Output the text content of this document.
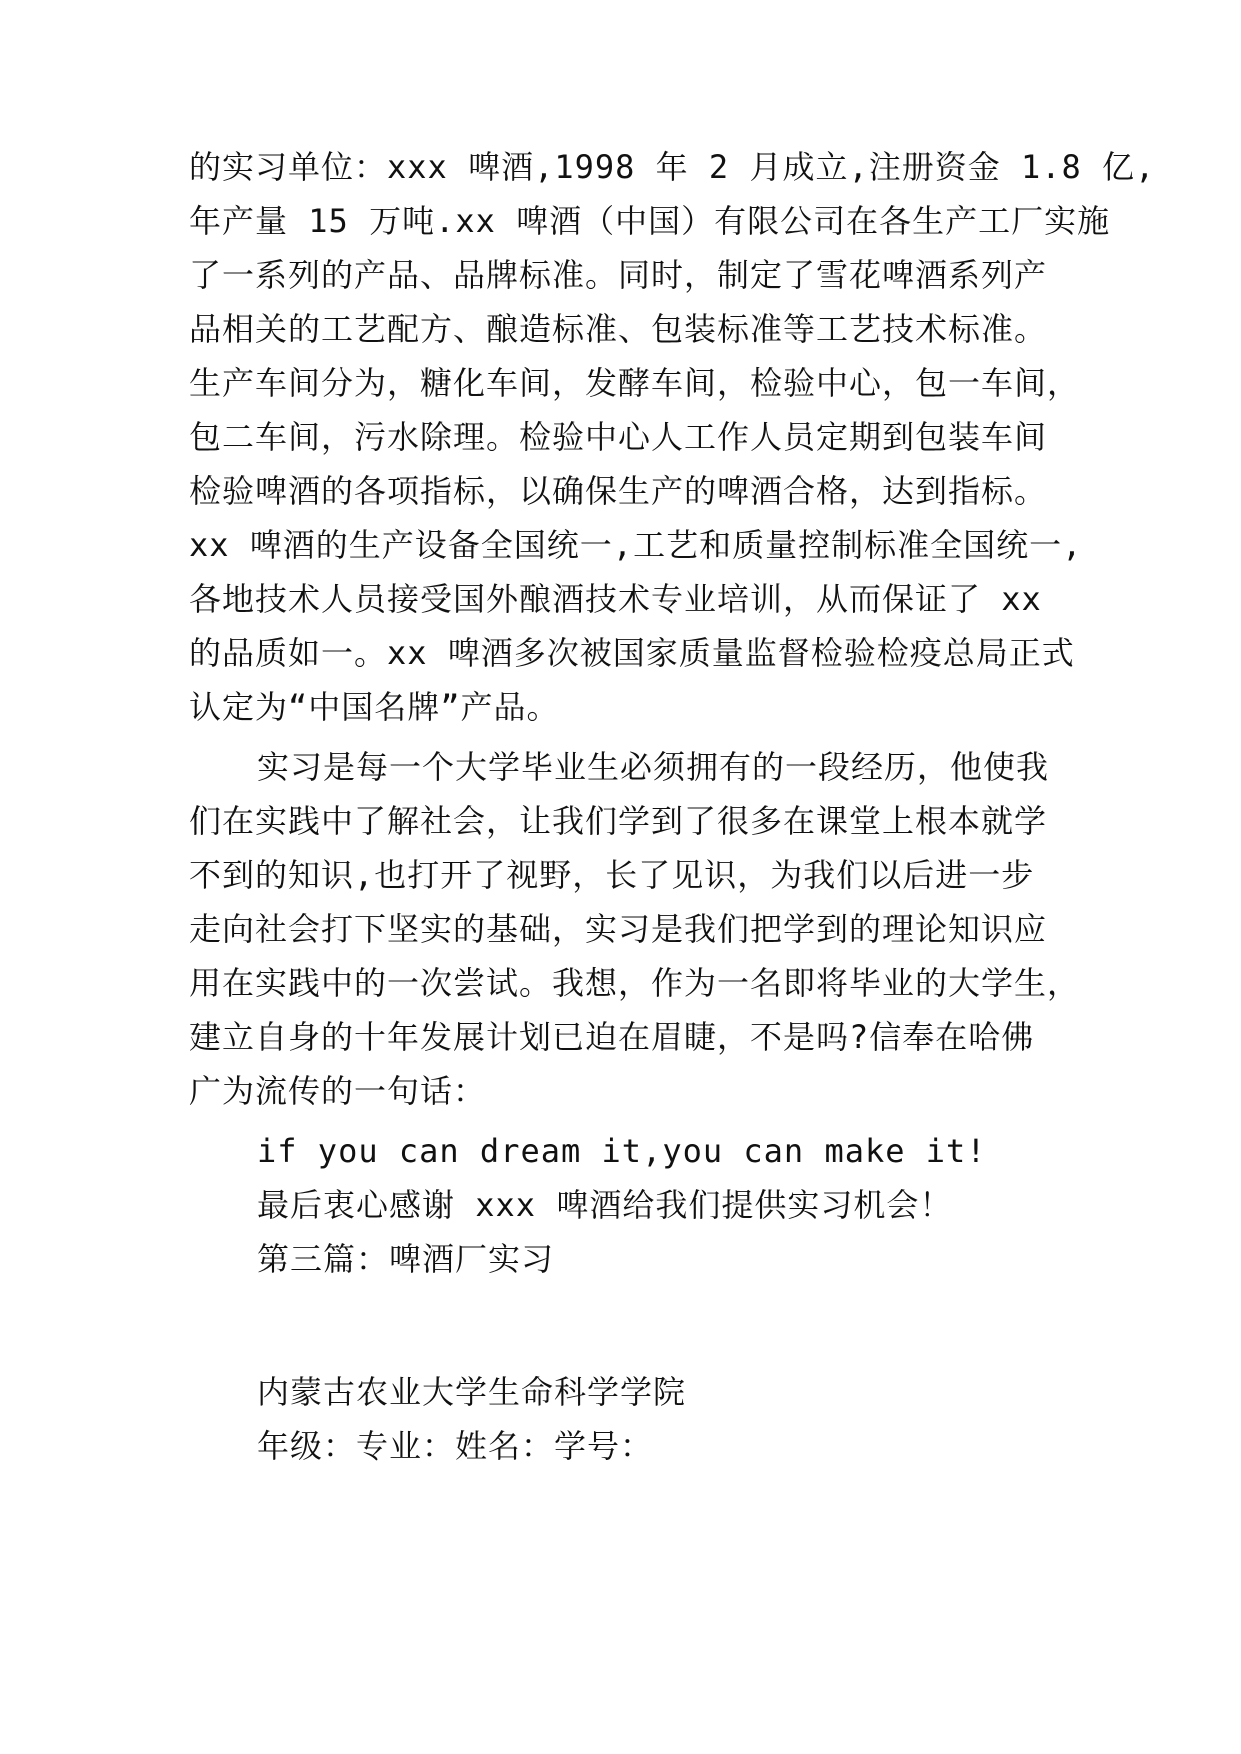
的实习单位：xxx 啤酒,1998 年 2 月成立,注册资金 1.8 亿,
年产量 15 万吨.xx 啤酒（中国）有限公司在各生产工厂实施
了一系列的产品、品牌标准。同时，制定了雪花啤酒系列产
品相关的工艺配方、酿造标准、包装标准等工艺技术标准。
生产车间分为，糖化车间，发酵车间，检验中心，包一车间，
包二车间，污水除理。检验中心人工作人员定期到包装车间
检验啤酒的各项指标，以确保生产的啤酒合格，达到指标。
xx 啤酒的生产设备全国统一,工艺和质量控制标准全国统一,
各地技术人员接受国外酿酒技术专业培训，从而保证了 xx
的品质如一。xx 啤酒多次被国家质量监督检验检疫总局正式
认定为“中国名牌”产品。
实习是每一个大学毕业生必须拥有的一段经历，他使我
们在实践中了解社会，让我们学到了很多在课堂上根本就学
不到的知识,也打开了视野，长了见识，为我们以后进一步
走向社会打下坚实的基础，实习是我们把学到的理论知识应
用在实践中的一次尝试。我想，作为一名即将毕业的大学生，
建立自身的十年发展计划已迫在眉睫，不是吗?信奉在哈佛
广为流传的一句话：
if you can dream it,you can make it!
最后衷心感谢 xxx 啤酒给我们提供实习机会！
第三篇：啤酒厂实习
内蒙古农业大学生命科学学院
年级：专业：姓名：学号：
